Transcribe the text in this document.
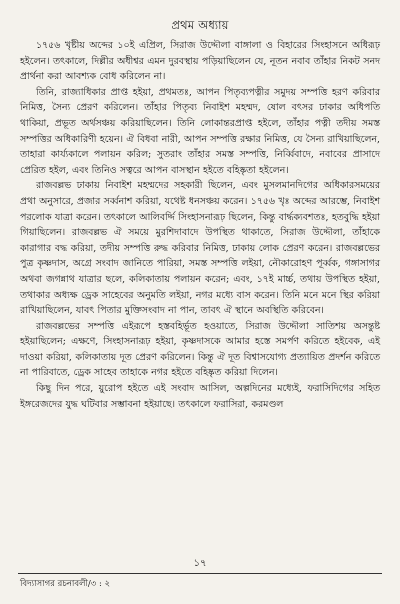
প্রথম অধ্যায়

১৭৫৬ খৃষ্টীয় অব্দের ১০ই এপ্রিল, সিরাজ উদ্দৌলা বাঙ্গালা ও বিহারের সিংহাসনে অধিরূঢ় হইলেন। তৎকালে, দিল্লীর অধীশ্বর এমন দুরবস্থায় পড়িয়াছিলেন যে, নূতন নবাব তাঁহার নিকট সনদ প্রার্থনা করা আবশ্যক বোধ করিলেন না।

তিনি, রাজ্যাধিকার প্রাপ্ত হইয়া, প্রথমতঃ, আপন পিতৃব্যপত্নীর সমুদয় সম্পত্তি হরণ করিবার নিমিত্ত, সৈন্য প্রেরণ করিলেন। তাঁহার পিতৃব্য নিবাইশ মহম্মদ, ষোল বৎসর ঢাকার অধিপতি থাকিয়া, প্রভূত অর্থসঞ্চয় করিয়াছিলেন। তিনি লোকান্তরপ্রাপ্ত হইলে, তাঁহার পত্নী তদীয় সমস্ত সম্পত্তির অধিকারিণী হয়েন। ঐ বিধবা নারী, আপন সম্পত্তি রক্ষার নিমিত্ত, যে সৈন্য রাখিয়াছিলেন, তাহারা কার্য্যকালে পলায়ন করিল; সুতরাং তাঁহার সমস্ত সম্পত্তি, নির্ব্বিবাদে, নবাবের প্রাসাদে প্রেরিত হইল, এবং তিনিও সত্বরে আপন বাসস্থান হইতে বহিষ্কৃতা হইলেন।

রাজবল্লভ ঢাকায় নিবাইশ মহম্মদের সহকারী ছিলেন, এবং মুসলমানদিগের অধিকারসময়ের প্রথা অনুসারে, প্রজার সর্ব্বনাশ করিয়া, যথেষ্ট ধনসঞ্চয় করেন। ১৭৫৬ খৃঃ অব্দের আরম্ভে, নিবাইশ পরলোক যাত্রা করেন। তৎকালে আলিবর্দ্দি সিংহাসনারূঢ় ছিলেন, কিন্তু বার্দ্ধক্যবশতঃ, হতবুদ্ধি হইয়া গিয়াছিলেন। রাজবল্লভ ঐ সময়ে মুরশিদাবাদে উপস্থিত থাকাতে, সিরাজ উদ্দৌলা, তাঁহাকে কারাগার বদ্ধ করিয়া, তদীয় সম্পত্তি রুদ্ধ করিবার নিমিত্ত, ঢাকায় লোক প্রেরণ করেন। রাজবল্লভের পুত্র কৃষ্ণদাস, অগ্রে সংবাদ জানিতে পারিয়া, সমস্ত সম্পত্তি লইয়া, নৌকারোহণ পূর্ব্বক, গঙ্গাসাগর অথবা জগন্নাথ যাত্রার ছলে, কলিকাতায় পলায়ন করেন; এবং, ১৭ই মার্চ্চ, তথায় উপস্থিত হইয়া, তথাকার অধ্যক্ষ ড্রেক সাহেবের অনুমতি লইয়া, নগর মধ্যে বাস করেন। তিনি মনে মনে স্থির করিয়া রাখিয়াছিলেন, যাবৎ পিতার মুক্তিসংবাদ না পান, তাবৎ ঐ স্থানে অবস্থিতি করিবেন।

রাজবল্লভের সম্পত্তি এইরূপে হস্তবহির্ভূত হওয়াতে, সিরাজ উদ্দৌলা সাতিশয় অসন্তুষ্ট হইয়াছিলেন; এক্ষণে, সিংহাসনারূঢ় হইয়া, কৃষ্ণদাসকে আমার হস্তে সমর্পণ করিতে হইবেক, এই দাওয়া করিয়া, কলিকাতায় দূত প্রেরণ করিলেন। কিন্তু ঐ দূত বিশ্বাসযোগ্য প্রত্যায়িত প্রদর্শন করিতে না পারিবাতে, ড্রেক সাহেব তাহাকে নগর হইতে বহিষ্কৃত করিয়া দিলেন।

কিছু দিন পরে, য়ুরোপ হইতে এই সংবাদ আসিল, অল্পদিনের মধ্যেই, ফরাসিদিগের সহিত ইঙ্গরেজদের যুদ্ধ ঘটিবার সম্ভাবনা হইয়াছে। তৎকালে ফরাসিরা, করমণ্ডল

১৭
বিদ্যাসাগর রচনাবলী/৩ : ২
